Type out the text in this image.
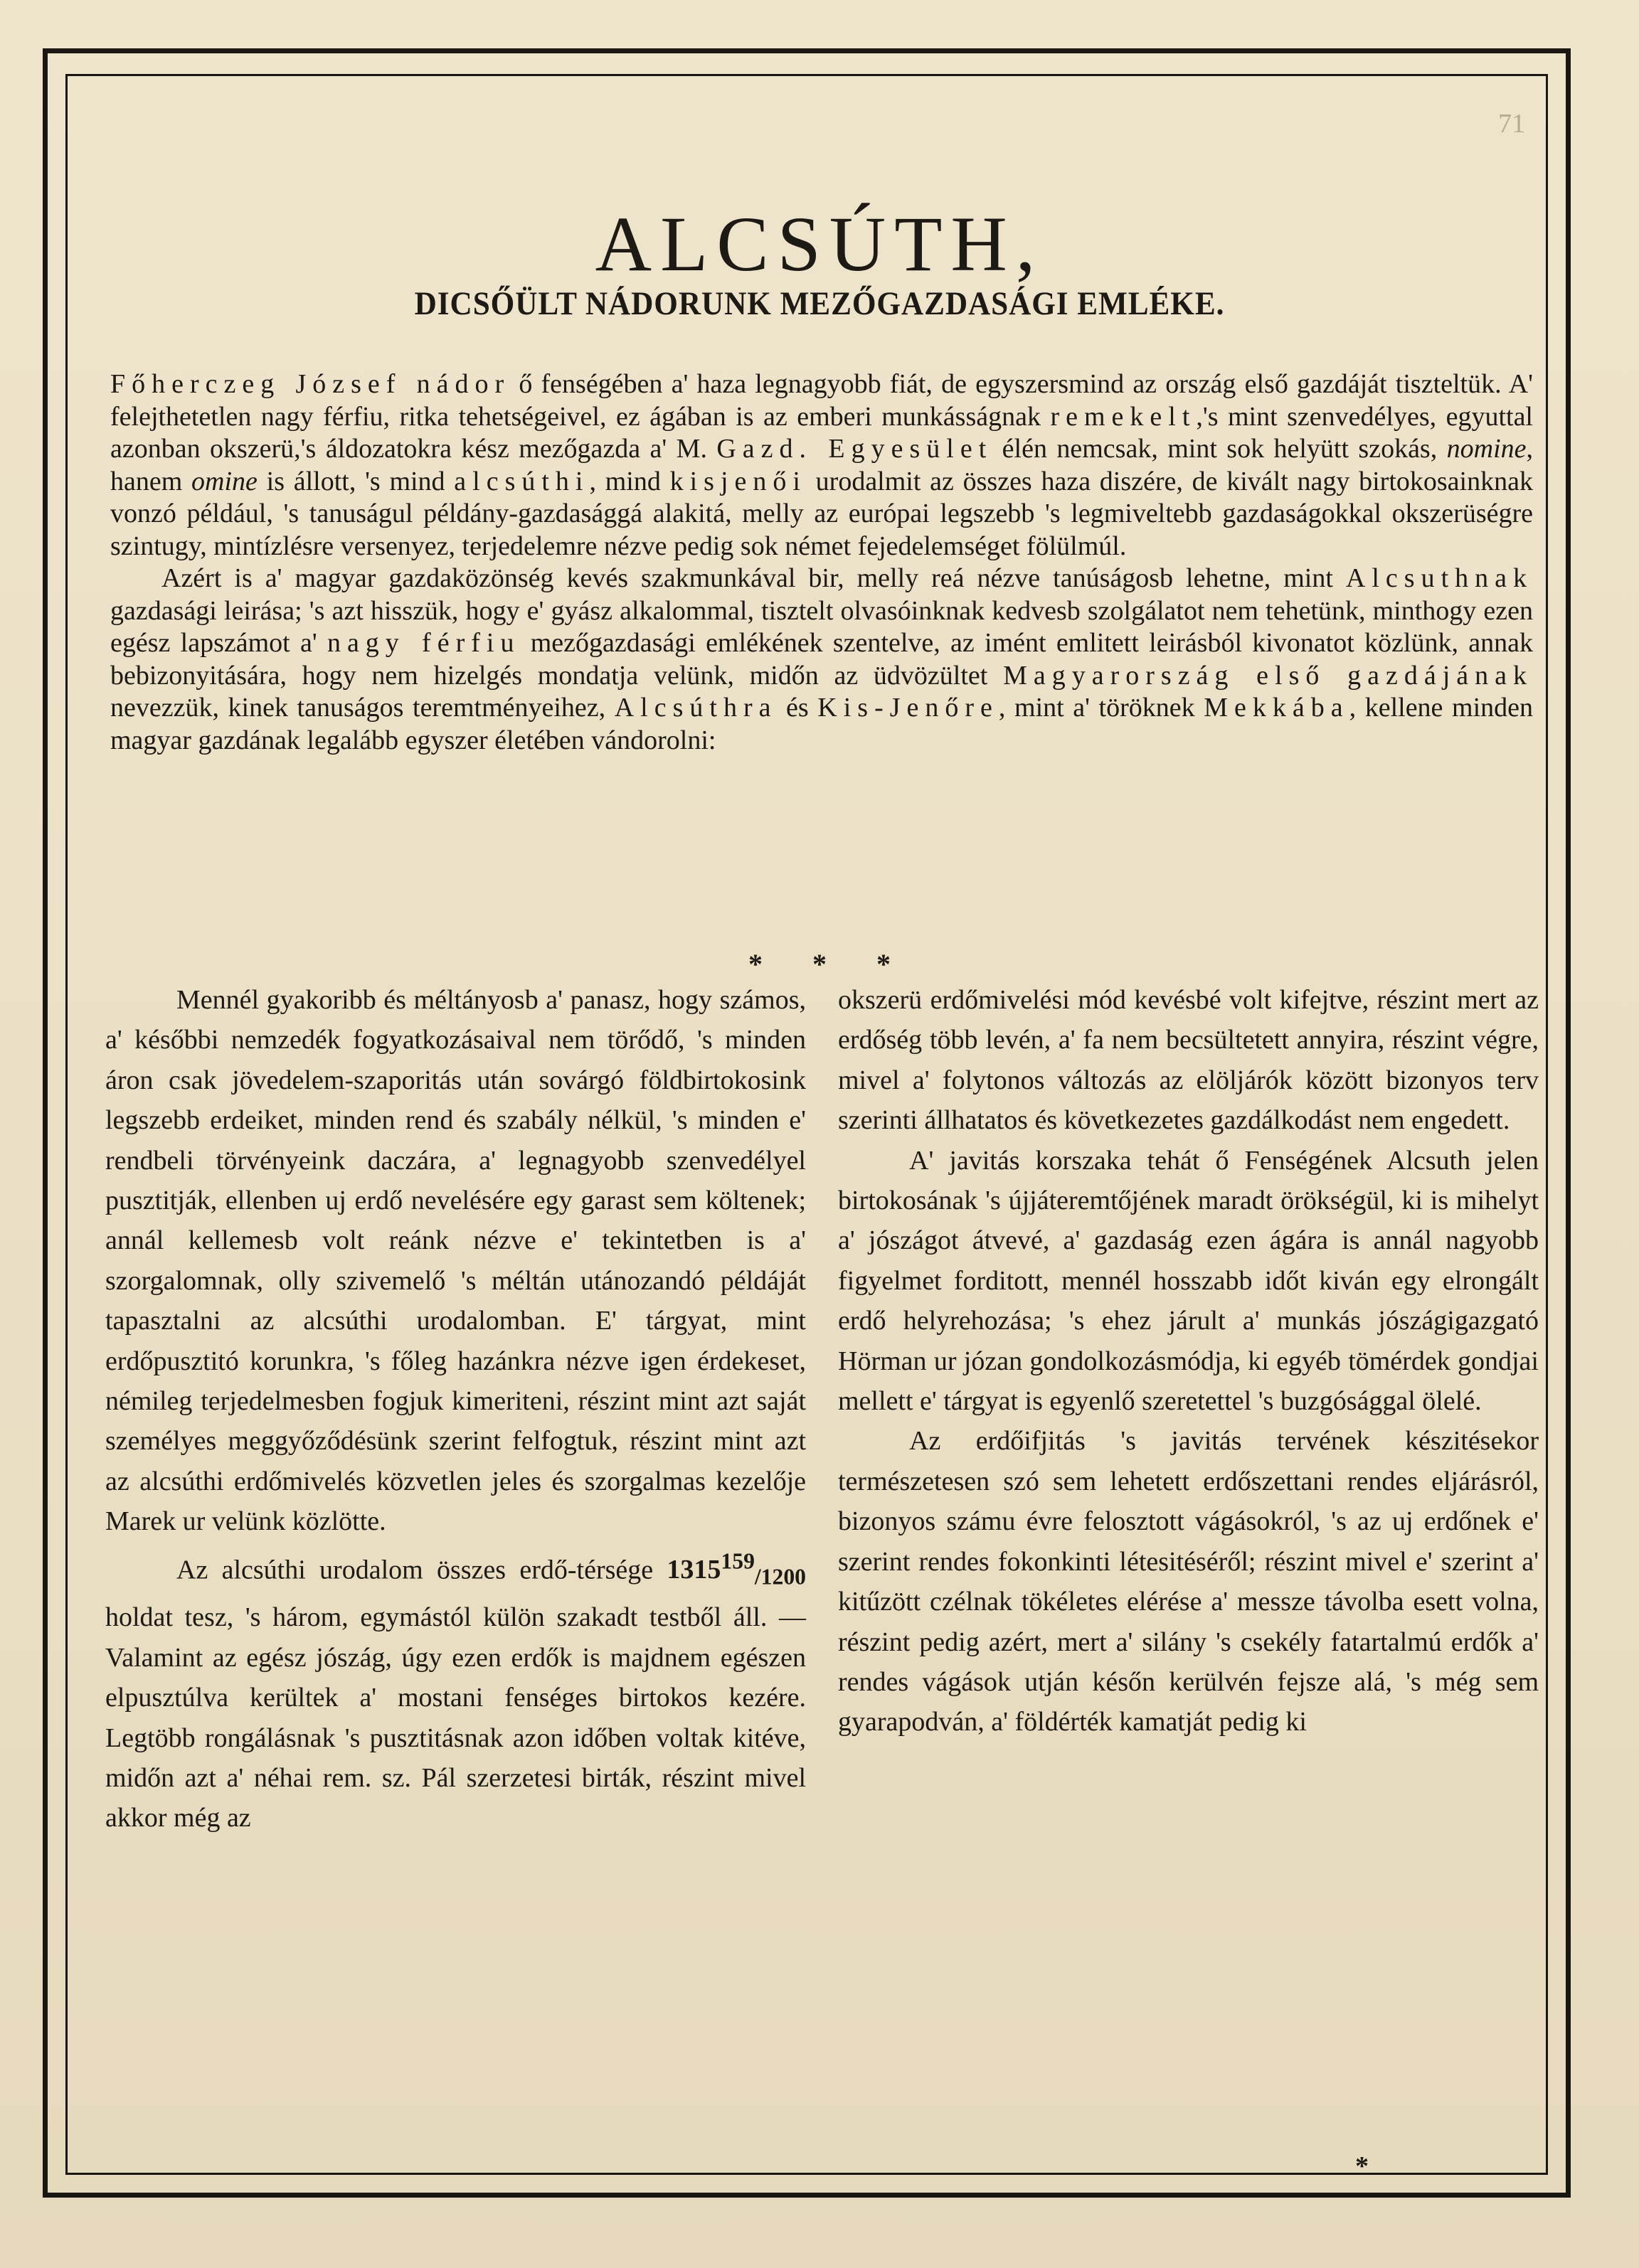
71
ALCSÚTH,
DICSŐÜLT NÁDORUNK MEZŐGAZDASÁGI EMLÉKE.

Főherczeg József nádor ő fenségében a' haza legnagyobb fiát, de egyszersmind az ország első gazdáját tiszteltük. A' felejthetetlen nagy férfiu, ritka tehetségeivel, ez ágában is az emberi munkásságnak remekelt,'s mint szenvedélyes, egyuttal azonban okszerü,'s áldozatokra kész mezőgazda a' M. Gazd. Egyesület élén nemcsak, mint sok helyütt szokás, nomine, hanem omine is állott, 's mind alcsúthi, mind kisjenői urodalmit az összes haza diszére, de kivált nagy birtokosainknak vonzó például, 's tanuságul példány-gazdasággá alakitá, melly az európai legszebb 's legmiveltebb gazdaságokkal okszerüségre szintugy, mintízlésre versenyez, terjedelemre nézve pedig sok német fejedelemséget fölülmúl.

Azért is a' magyar gazdaközönség kevés szakmunkával bir, melly reá nézve tanúságosb lehetne, mint Alcsuthnak gazdasági leirása; 's azt hisszük, hogy e' gyász alkalommal, tisztelt olvasóinknak kedvesb szolgálatot nem tehetünk, minthogy ezen egész lapszámot a' nagy férfiu mezőgazdasági emlékének szentelve, az imént emlitett leirásból kivonatot közlünk, annak bebizonyitására, hogy nem hizelgés mondatja velünk, midőn az üdvözültet Magyarország első gazdájának nevezzük, kinek tanuságos teremtményeihez, Alcsúthra és Kis-Jenőre, mint a' töröknek Mekkába, kellene minden magyar gazdának legalább egyszer életében vándorolni:

* * *

Mennél gyakoribb és méltányosb a' panasz, hogy számos, a' későbbi nemzedék fogyatkozásaival nem törődő, 's minden áron csak jövedelem-szaporitás után sovárgó földbirtokosink legszebb erdeiket, minden rend és szabály nélkül, 's minden e' rendbeli törvényeink daczára, a' legnagyobb szenvedélyel pusztitják, ellenben uj erdő nevelésére egy garast sem költenek; annál kellemesb volt reánk nézve e' tekintetben is a' szorgalomnak, olly szivemelő 's méltán utánozandó példáját tapasztalni az alcsúthi urodalomban. E' tárgyat, mint erdőpusztitó korunkra, 's főleg hazánkra nézve igen érdekeset, némileg terjedelmesben fogjuk kimeriteni, részint mint azt saját személyes meggyőződésünk szerint felfogtuk, részint mint azt az alcsúthi erdőmivelés közvetlen jeles és szorgalmas kezelője Marek ur velünk közlötte.

Az alcsúthi urodalom összes erdő-térsége $1315^{159}_{/1200}$ holdat tesz, 's három, egymástól külön szakadt testből áll. — Valamint az egész jószág, úgy ezen erdők is majdnem egészen elpusztúlva kerültek a' mostani fenséges birtokos kezére. Legtöbb rongálásnak 's pusztitásnak azon időben voltak kitéve, midőn azt a' néhai rem. sz. Pál szerzetesi birták, részint mivel akkor még az

okszerü erdőmivelési mód kevésbé volt kifejtve, részint mert az erdőség több levén, a' fa nem becsültetett annyira, részint végre, mivel a' folytonos változás az elöljárók között bizonyos terv szerinti állhatatos és következetes gazdálkodást nem engedett.

A' javitás korszaka tehát ő Fenségének Alcsuth jelen birtokosának 's újjáteremtőjének maradt örökségül, ki is mihelyt a' jószágot átvevé, a' gazdaság ezen ágára is annál nagyobb figyelmet forditott, mennél hosszabb időt kiván egy elrongált erdő helyrehozása; 's ehez járult a' munkás jószágigazgató Hörman ur józan gondolkozásmódja, ki egyéb tömérdek gondjai mellett e' tárgyat is egyenlő szeretettel 's buzgósággal ölelé.

Az erdőifjitás 's javitás tervének készitésekor természetesen szó sem lehetett erdőszettani rendes eljárásról, bizonyos számu évre felosztott vágásokról, 's az uj erdőnek e' szerint rendes fokonkinti létesitéséről; részint mivel e' szerint a' kitűzött czélnak tökéletes elérése a' messze távolba esett volna, részint pedig azért, mert a' silány 's csekély fatartalmú erdők a' rendes vágások utján későn kerülvén fejsze alá, 's még sem gyarapodván, a' földérték kamatját pedig ki

*
